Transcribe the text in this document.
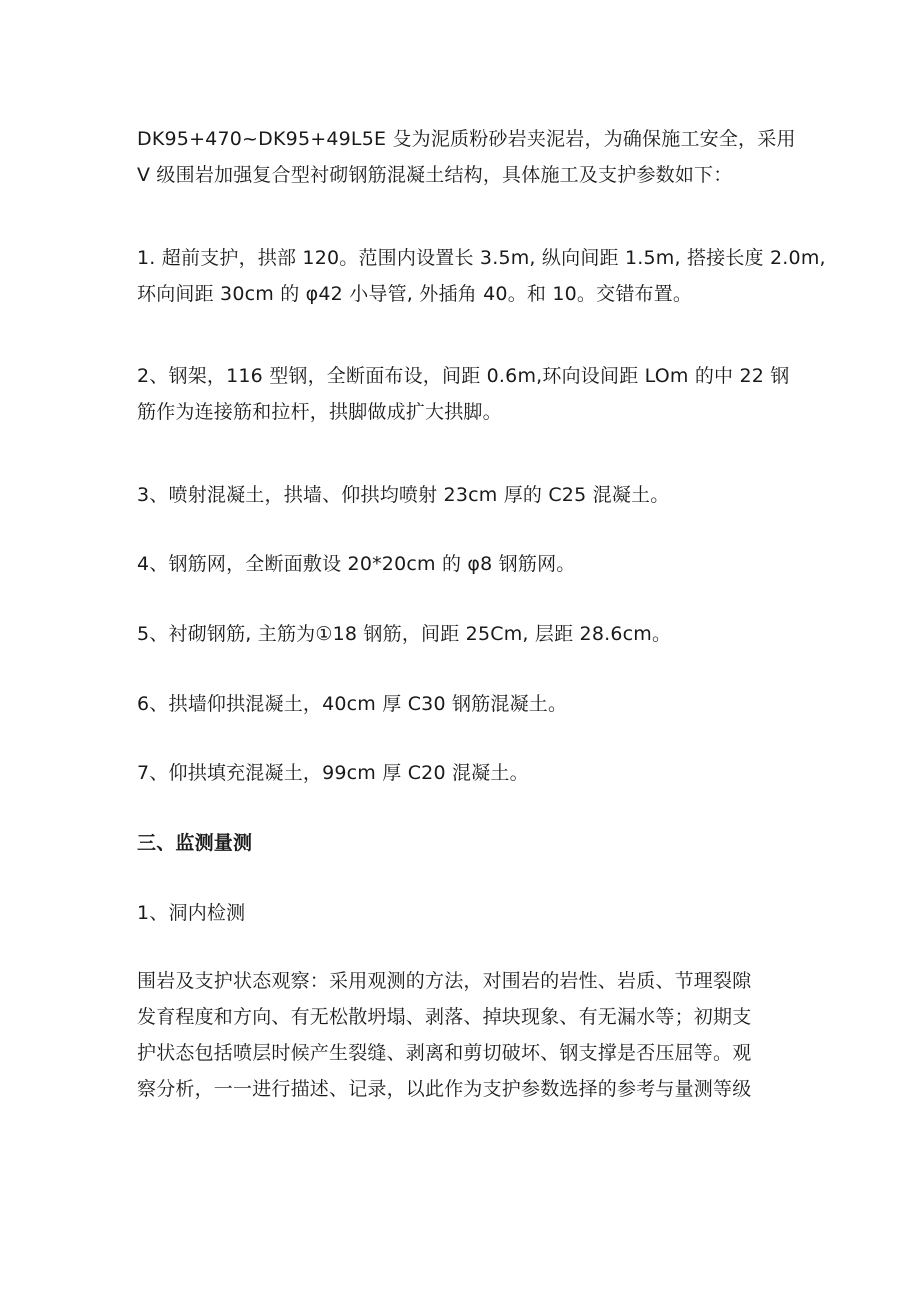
DK95+470~DK95+49L5E 殳为泥质粉砂岩夹泥岩，为确保施工安全，采用
V 级围岩加强复合型衬砌钢筋混凝土结构，具体施工及支护参数如下：

1. 超前支护，拱部 120。范围内设置长 3.5m, 纵向间距 1.5m, 搭接长度 2.0m,
环向间距 30cm 的 φ42 小导管, 外插角 40。和 10。交错布置。

2、钢架，116 型钢，全断面布设，间距 0.6m,环向设间距 LOm 的中 22 钢
筋作为连接筋和拉杆，拱脚做成扩大拱脚。

3、喷射混凝土，拱墙、仰拱均喷射 23cm 厚的 C25 混凝土。

4、钢筋网，全断面敷设 20*20cm 的 φ8 钢筋网。

5、衬砌钢筋, 主筋为①18 钢筋，间距 25Cm, 层距 28.6cm。

6、拱墙仰拱混凝土，40cm 厚 C30 钢筋混凝土。

7、仰拱填充混凝土，99cm 厚 C20 混凝土。

三、监测量测

1、洞内检测

围岩及支护状态观察：采用观测的方法，对围岩的岩性、岩质、节理裂隙
发育程度和方向、有无松散坍塌、剥落、掉块现象、有无漏水等；初期支
护状态包括喷层时候产生裂缝、剥离和剪切破坏、钢支撑是否压屈等。观
察分析，一一进行描述、记录，以此作为支护参数选择的参考与量测等级
